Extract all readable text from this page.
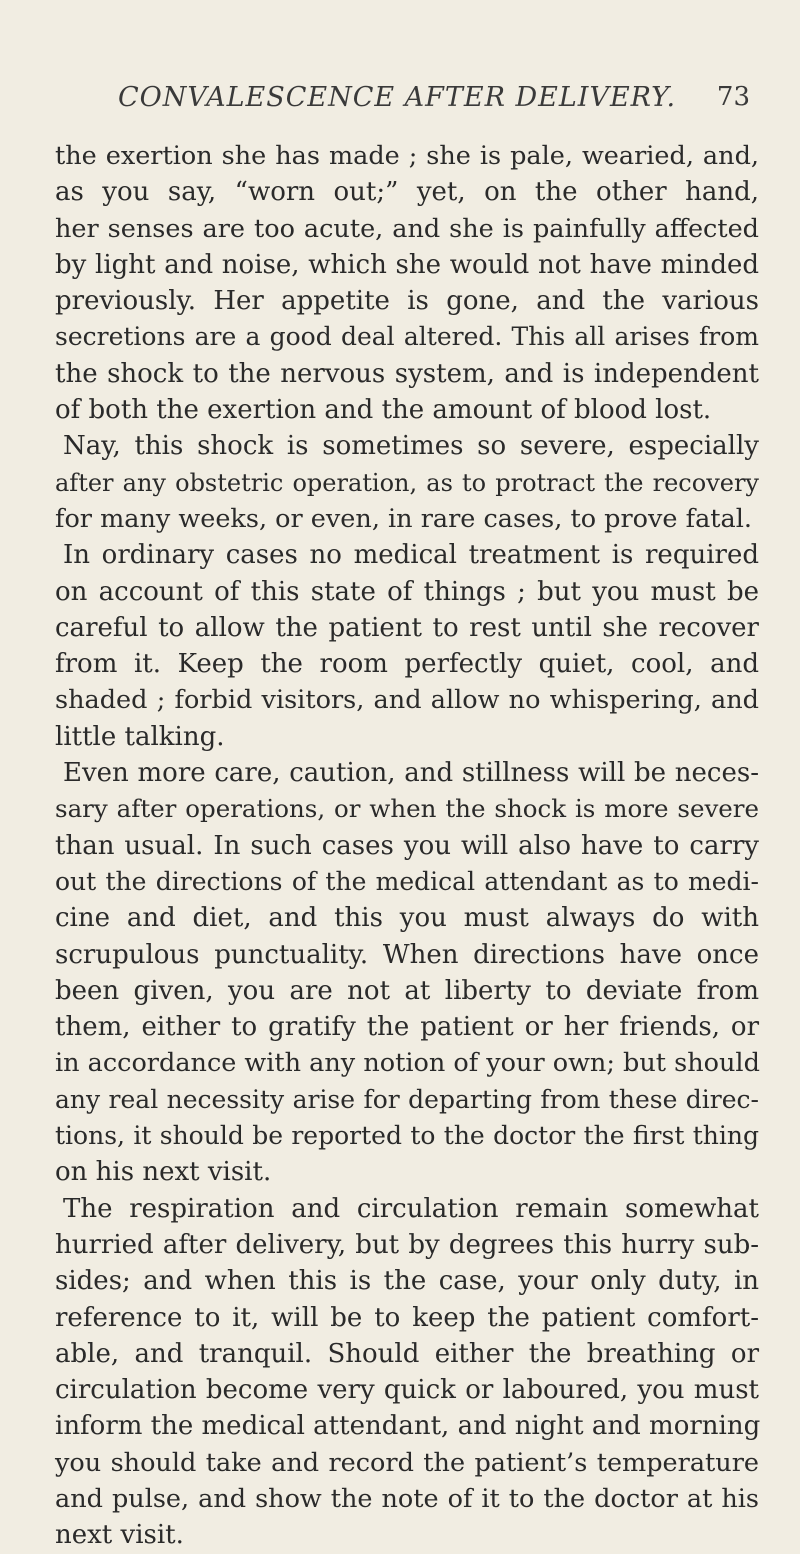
CONVALESCENCE AFTER DELIVERY. 73
the exertion she has made ; she is pale, wearied, and,
as you say, “worn out;” yet, on the other hand,
her senses are too acute, and she is painfully affected
by light and noise, which she would not have minded
previously. Her appetite is gone, and the various
secretions are a good deal altered. This all arises from
the shock to the nervous system, and is independent
of both the exertion and the amount of blood lost.
Nay, this shock is sometimes so severe, especially
after any obstetric operation, as to protract the recovery
for many weeks, or even, in rare cases, to prove fatal.
In ordinary cases no medical treatment is required
on account of this state of things ; but you must be
careful to allow the patient to rest until she recover
from it. Keep the room perfectly quiet, cool, and
shaded ; forbid visitors, and allow no whispering, and
little talking.
Even more care, caution, and stillness will be neces-
sary after operations, or when the shock is more severe
than usual. In such cases you will also have to carry
out the directions of the medical attendant as to medi-
cine and diet, and this you must always do with
scrupulous punctuality. When directions have once
been given, you are not at liberty to deviate from
them, either to gratify the patient or her friends, or
in accordance with any notion of your own; but should
any real necessity arise for departing from these direc-
tions, it should be reported to the doctor the first thing
on his next visit.
The respiration and circulation remain somewhat
hurried after delivery, but by degrees this hurry sub-
sides; and when this is the case, your only duty, in
reference to it, will be to keep the patient comfort-
able, and tranquil. Should either the breathing or
circulation become very quick or laboured, you must
inform the medical attendant, and night and morning
you should take and record the patient’s temperature
and pulse, and show the note of it to the doctor at his
next visit.
